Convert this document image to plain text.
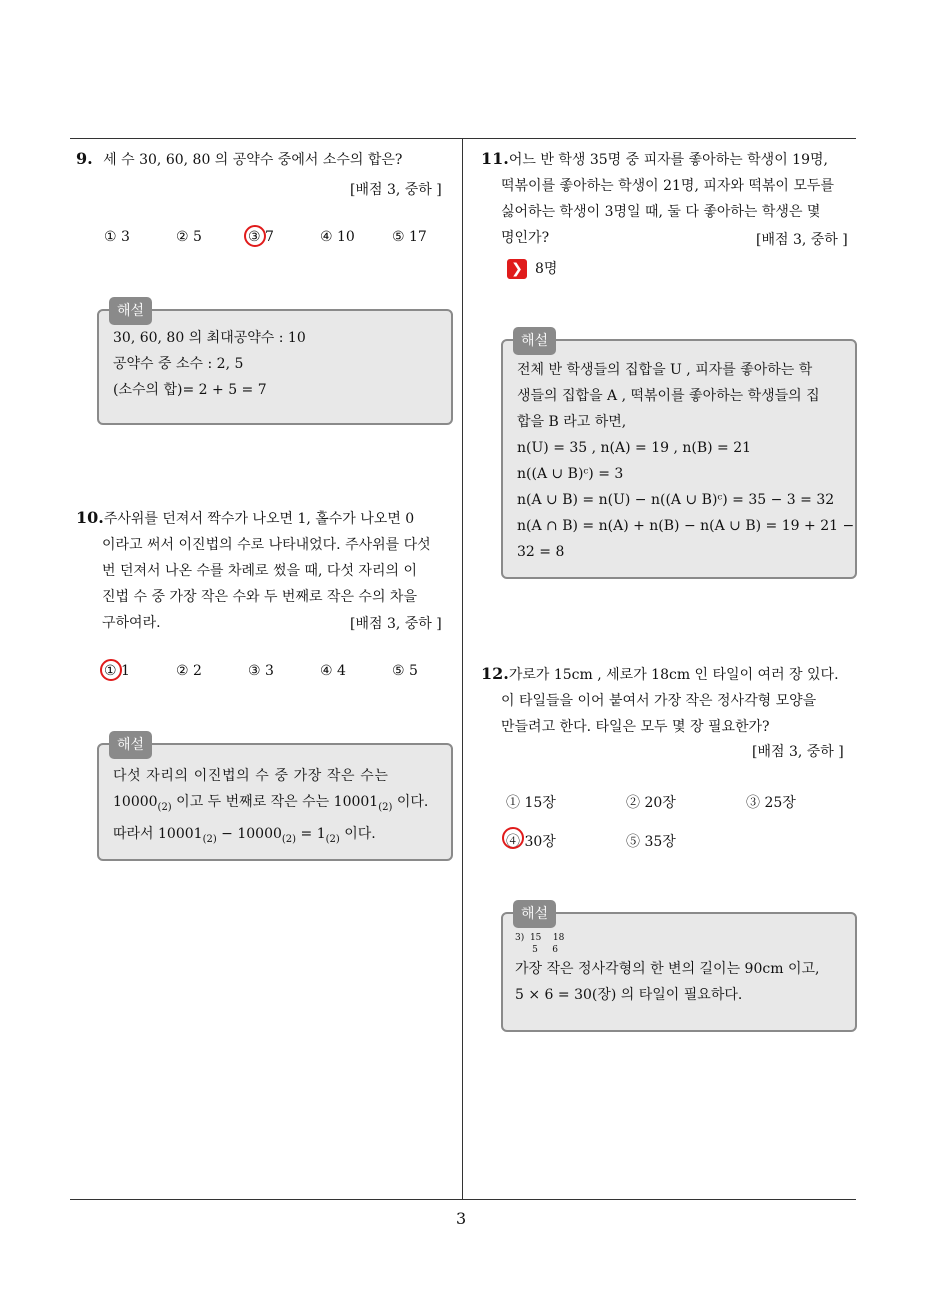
9. 세 수 30, 60, 80 의 공약수 중에서 소수의 합은?
[배점 3, 중하 ]
① 3	② 5	③ 7	④ 10	⑤ 17
해설
30, 60, 80 의 최대공약수 : 10
공약수 중 소수 : 2, 5
(소수의 합)= 2 + 5 = 7
10.주사위를 던져서 짝수가 나오면 1, 홀수가 나오면 0
이라고 써서 이진법의 수로 나타내었다. 주사위를 다섯
번 던져서 나온 수를 차례로 썼을 때, 다섯 자리의 이
진법 수 중 가장 작은 수와 두 번째로 작은 수의 차을
구하여라.	[배점 3, 중하 ]
① 1	② 2	③ 3	④ 4	⑤ 5
해설
다섯 자리의 이진법의 수 중 가장 작은 수는
$10000_{(2)}$ 이고 두 번째로 작은 수는 $10001_{(2)}$ 이다.
따라서 $10001_{(2)} - 10000_{(2)} = 1_{(2)}$ 이다.
11.어느 반 학생 35명 중 피자를 좋아하는 학생이 19명,
떡볶이를 좋아하는 학생이 21명, 피자와 떡볶이 모두를
싫어하는 학생이 3명일 때, 둘 다 좋아하는 학생은 몇
명인가?	[배점 3, 중하 ]
❯ 8명
해설
전체 반 학생들의 집합을 U , 피자를 좋아하는 학
생들의 집합을 A , 떡볶이를 좋아하는 학생들의 집
합을 B 라고 하면,
n(U) = 35 , n(A) = 19 , n(B) = 21
n((A ∪ B)ᶜ) = 3
n(A ∪ B) = n(U) − n((A ∪ B)ᶜ) = 35 − 3 = 32
n(A ∩ B) = n(A) + n(B) − n(A ∪ B) = 19 + 21 −
32 = 8
12.가로가 15cm , 세로가 18cm 인 타일이 여러 장 있다.
이 타일들을 이어 붙여서 가장 작은 정사각형 모양을
만들려고 한다. 타일은 모두 몇 장 필요한가?
[배점 3, 중하 ]
① 15장	② 20장	③ 25장
④ 30장	⑤ 35장
해설
3)  15    18
5     6
가장 작은 정사각형의 한 변의 길이는 90cm 이고,
5 × 6 = 30(장) 의 타일이 필요하다.
3
